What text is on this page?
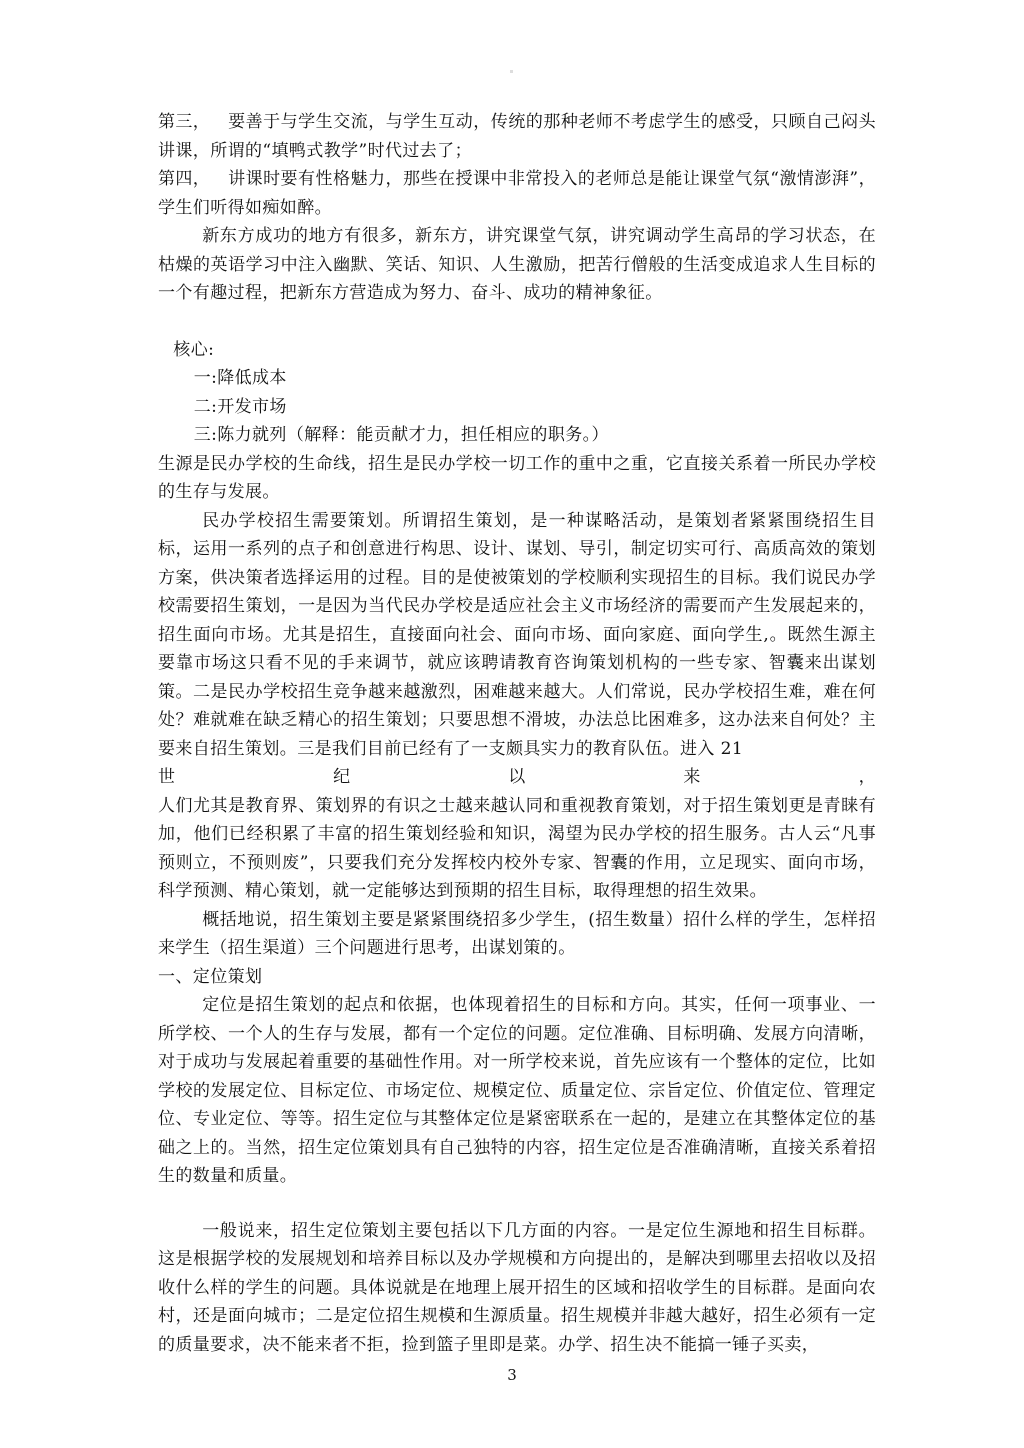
第三， 要善于与学生交流，与学生互动，传统的那种老师不考虑学生的感受，只顾自己闷头讲课，所谓的“填鸭式教学”时代过去了；

第四， 讲课时要有性格魅力，那些在授课中非常投入的老师总是能让课堂气氛“激情澎湃”，学生们听得如痴如醉。

新东方成功的地方有很多，新东方，讲究课堂气氛，讲究调动学生高昂的学习状态，在枯燥的英语学习中注入幽默、笑话、知识、人生激励，把苦行僧般的生活变成追求人生目标的一个有趣过程，把新东方营造成为努力、奋斗、成功的精神象征。

核心:

一:降低成本

二:开发市场

三:陈力就列（解释：能贡献才力，担任相应的职务。）

生源是民办学校的生命线，招生是民办学校一切工作的重中之重，它直接关系着一所民办学校的生存与发展。

民办学校招生需要策划。所谓招生策划，是一种谋略活动，是策划者紧紧围绕招生目标，运用一系列的点子和创意进行构思、设计、谋划、导引，制定切实可行、高质高效的策划方案，供决策者选择运用的过程。目的是使被策划的学校顺利实现招生的目标。我们说民办学校需要招生策划，一是因为当代民办学校是适应社会主义市场经济的需要而产生发展起来的，招生面向市场。尤其是招生，直接面向社会、面向市场、面向家庭、面向学生,。既然生源主要靠市场这只看不见的手来调节，就应该聘请教育咨询策划机构的一些专家、智囊来出谋划策。二是民办学校招生竞争越来越激烈，困难越来越大。人们常说，民办学校招生难，难在何处？难就难在缺乏精心的招生策划；只要思想不滑坡，办法总比困难多，这办法来自何处？主要来自招生策划。三是我们目前已经有了一支颇具实力的教育队伍。进入 21

世	纪	以	来	，

人们尤其是教育界、策划界的有识之士越来越认同和重视教育策划，对于招生策划更是青睐有加，他们已经积累了丰富的招生策划经验和知识，渴望为民办学校的招生服务。古人云“凡事预则立，不预则废”，只要我们充分发挥校内校外专家、智囊的作用，立足现实、面向市场，科学预测、精心策划，就一定能够达到预期的招生目标，取得理想的招生效果。

概括地说，招生策划主要是紧紧围绕招多少学生，(招生数量）招什么样的学生，怎样招来学生（招生渠道）三个问题进行思考，出谋划策的。

一、定位策划

定位是招生策划的起点和依据，也体现着招生的目标和方向。其实，任何一项事业、一所学校、一个人的生存与发展，都有一个定位的问题。定位准确、目标明确、发展方向清晰，对于成功与发展起着重要的基础性作用。对一所学校来说，首先应该有一个整体的定位，比如学校的发展定位、目标定位、市场定位、规模定位、质量定位、宗旨定位、价值定位、管理定位、专业定位、等等。招生定位与其整体定位是紧密联系在一起的，是建立在其整体定位的基础之上的。当然，招生定位策划具有自己独特的内容，招生定位是否准确清晰，直接关系着招生的数量和质量。

一般说来，招生定位策划主要包括以下几方面的内容。一是定位生源地和招生目标群。这是根据学校的发展规划和培养目标以及办学规模和方向提出的，是解决到哪里去招收以及招收什么样的学生的问题。具体说就是在地理上展开招生的区域和招收学生的目标群。是面向农村，还是面向城市；二是定位招生规模和生源质量。招生规模并非越大越好，招生必须有一定的质量要求，决不能来者不拒，捡到篮子里即是菜。办学、招生决不能搞一锤子买卖，

3
